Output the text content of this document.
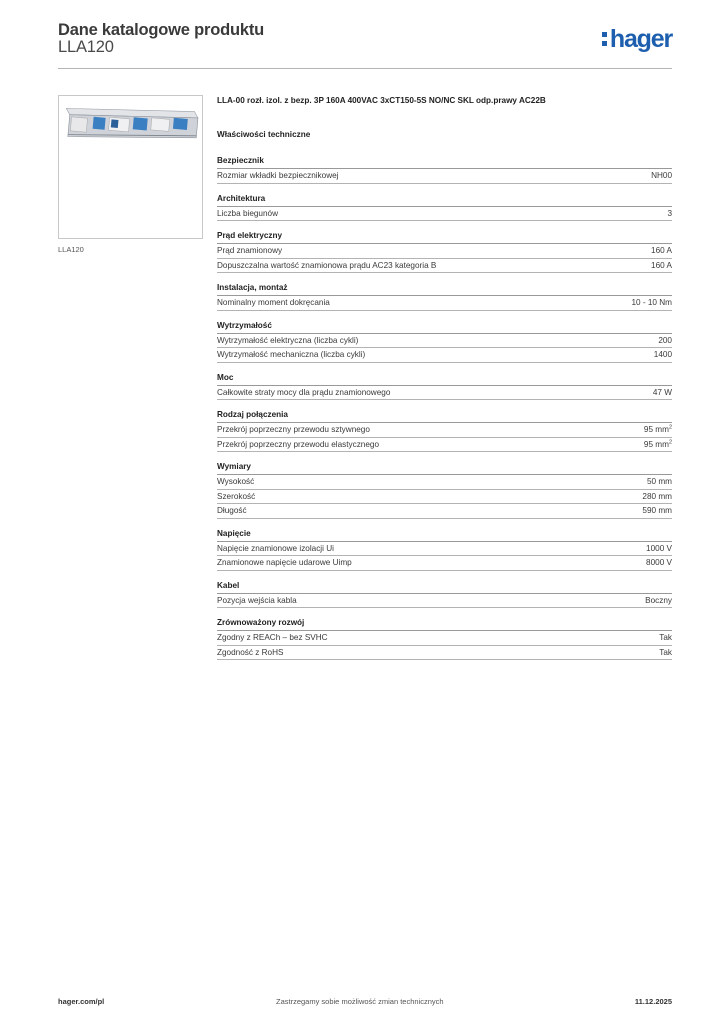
Dane katalogowe produktu
LLA120	hager
LLA120
LLA-00 rozł. izol. z bezp. 3P 160A 400VAC 3xCT150-5S NO/NC SKL odp.prawy AC22B
Właściwości techniczne
Bezpiecznik
Rozmiar wkładki bezpiecznikowej	NH00
Architektura
Liczba biegunów	3
Prąd elektryczny
Prąd znamionowy	160 A
Dopuszczalna wartość znamionowa prądu AC23 kategoria B	160 A
Instalacja, montaż
Nominalny moment dokręcania	10 - 10 Nm
Wytrzymałość
Wytrzymałość elektryczna (liczba cykli)	200
Wytrzymałość mechaniczna (liczba cykli)	1400
Moc
Całkowite straty mocy dla prądu znamionowego	47 W
Rodzaj połączenia
Przekrój poprzeczny przewodu sztywnego	95 $mm^2$
Przekrój poprzeczny przewodu elastycznego	95 $mm^2$
Wymiary
Wysokość	50 mm
Szerokość	280 mm
Długość	590 mm
Napięcie
Napięcie znamionowe izolacji Ui	1000 V
Znamionowe napięcie udarowe Uimp	8000 V
Kabel
Pozycja wejścia kabla	Boczny
Zrównoważony rozwój
Zgodny z REACh – bez SVHC	Tak
Zgodność z RoHS	Tak
hager.com/pl	Zastrzegamy sobie możliwość zmian technicznych	11.12.2025
